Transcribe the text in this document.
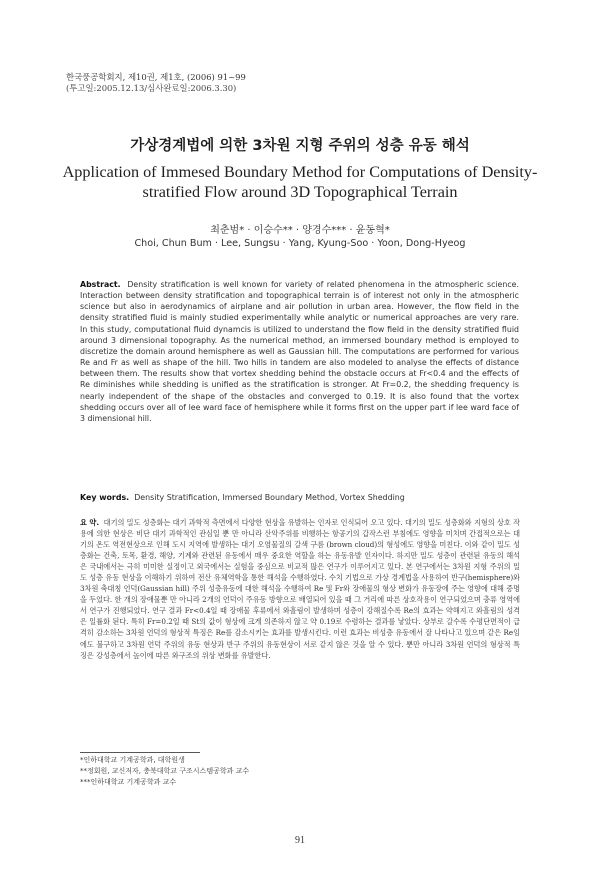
한국풍공학회지, 제10권, 제1호, (2006) 91~99
(투고일:2005.12.13/심사완료일:2006.3.30)
가상경계법에 의한 3차원 지형 주위의 성층 유동 해석
Application of Immesed Boundary Method for Computations of Density-stratified Flow around 3D Topographical Terrain
최춘범* · 이승수** · 양경수*** · 윤동혁*
Choi, Chun Bum · Lee, Sungsu · Yang, Kyung-Soo · Yoon, Dong-Hyeog
Abstract. Density stratification is well known for variety of related phenomena in the atmospheric science. Interaction between density stratification and topographical terrain is of interest not only in the atmospheric science but also in aerodynamics of airplane and air pollution in urban area. However, the flow field in the density stratified fluid is mainly studied experimentally while analytic or numerical approaches are very rare. In this study, computational fluid dynamcis is utilized to understand the flow field in the density stratified fluid around 3 dimensional topography. As the numerical method, an immersed boundary method is employed to discretize the domain around hemisphere as well as Gaussian hill. The computations are performed for various Re and Fr as well as shape of the hill. Two hills in tandem are also modeled to analyse the effects of distance between them. The results show that vortex shedding behind the obstacle occurs at Fr<0.4 and the effects of Re diminishes while shedding is unified as the stratification is stronger. At Fr=0.2, the shedding frequency is nearly independent of the shape of the obstacles and converged to 0.19. It is also found that the vortex shedding occurs over all of lee ward face of hemisphere while it forms first on the upper part if lee ward face of 3 dimensional hill.
Key words. Density Stratification, Immersed Boundary Method, Vortex Shedding
요 약. 대기의 밀도 성층화는 대기 과학적 측면에서 다양한 현상을 유발하는 인자로 인식되어 오고 있다. 대기의 밀도 성층화와 지형의 상호 작용에 의한 현상은 비단 대기 과학적인 관심일 뿐 만 아니라 산악주위를 비행하는 항공기의 갑작스런 부침에도 영향을 미치며 간접적으로는 대기의 온도 역전현상으로 인해 도시 지역에 발생하는 대기 오염물질의 갈색 구름 (brown cloud)의 형성에도 영향을 미친다. 이와 같이 밀도 성층화는 건축, 토목, 환경, 해양, 기계와 관련된 유동에서 매우 중요한 역할을 하는 유동유발 인자이다. 하지만 밀도 성층이 관련된 유동의 해석은 국내에서는 극히 미미한 실정이고 외국에서는 실험을 중심으로 비교적 많은 연구가 이루어지고 있다. 본 연구에서는 3차원 지형 주위의 밀도 성층 유동 현상을 이해하기 위하여 전산 유체역학을 통한 해석을 수행하였다. 수치 기법으로 가상 경계법을 사용하여 반구(hemisphere)와 3차원 축대칭 언덕(Gaussian hill) 주위 성층유동에 대한 해석을 수행하여 Re 및 Fr와 장애물의 형상 변화가 유동장에 주는 영향에 대해 증명을 두었다. 한 개의 장애물뿐 만 아니라 2개의 언덕이 주유동 방향으로 배열되어 있을 때 그 거리에 따른 상호작용이 연구되었으며 충류 영역에서 연구가 진행되었다. 연구 결과 Fr<0.4일 때 장애물 후류에서 와흘림이 발생하며 성층이 강해질수록 Re의 효과는 약해지고 와흘림의 성격은 일률화 된다. 특히 Fr=0.2일 때 St의 값이 형상에 크게 의존하지 않고 약 0.19로 수렴하는 결과를 낳았다. 상부로 갈수록 수평단면적이 급격히 감소하는 3차원 언덕의 형상적 특징은 Re를 감소시키는 효과를 발생시킨다. 이런 효과는 비성층 유동에서 잘 나타나고 있으며 같은 Re임에도 불구하고 3차원 언덕 주위의 유동 현상과 반구 주위의 유동현상이 서로 같지 않은 것을 알 수 있다. 뿐만 아니라 3차원 언덕의 형상적 특징은 강성층에서 높이에 따른 와구조의 위상 변화를 유발한다.
*인하대학교 기계공학과, 대학원생
**정회원, 교신저자, 충북대학교 구조시스템공학과 교수
***인하대학교 기계공학과 교수
91
